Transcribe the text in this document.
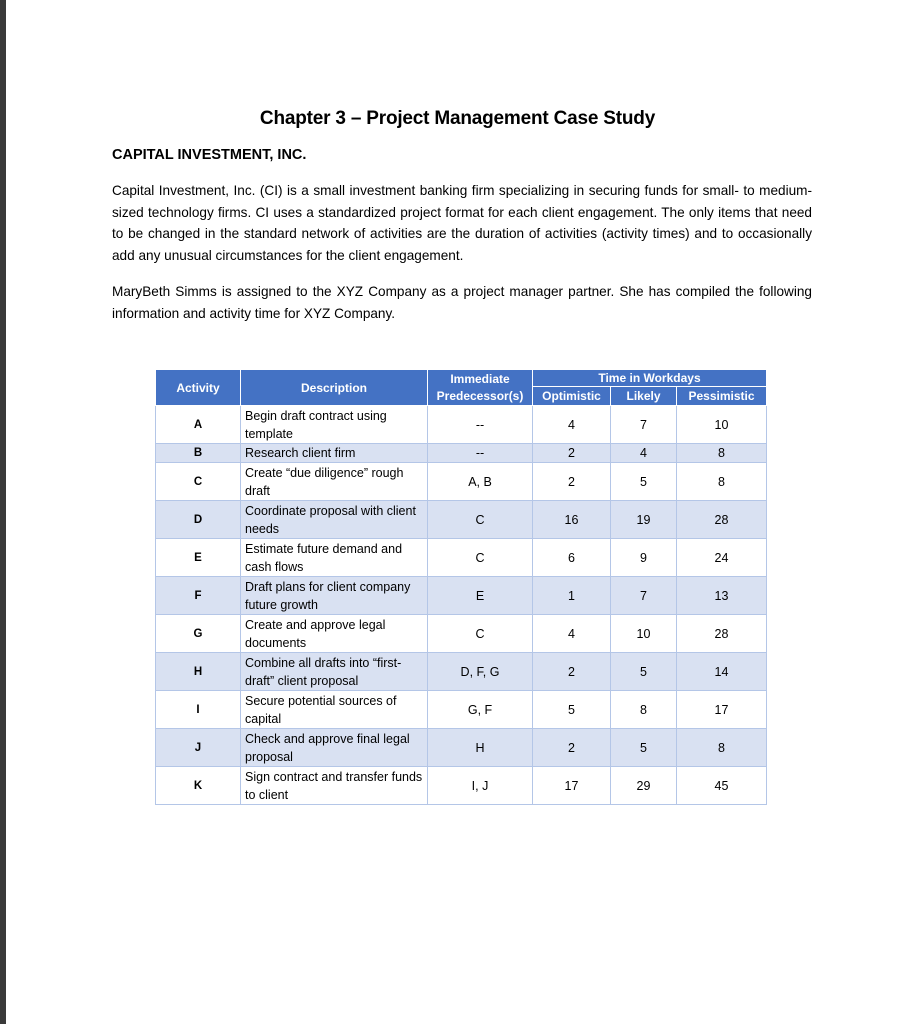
Chapter 3 – Project Management Case Study
CAPITAL INVESTMENT, INC.
Capital Investment, Inc. (CI) is a small investment banking firm specializing in securing funds for small- to medium-sized technology firms. CI uses a standardized project format for each client engagement. The only items that need to be changed in the standard network of activities are the duration of activities (activity times) and to occasionally add any unusual circumstances for the client engagement.
MaryBeth Simms is assigned to the XYZ Company as a project manager partner. She has compiled the following information and activity time for XYZ Company.
Activity	Description	Immediate Predecessor(s)	Time in Workdays		
			Optimistic	Likely	Pessimistic
A	Begin draft contract using template	--	4	7	10
B	Research client firm	--	2	4	8
C	Create “due diligence” rough draft	A, B	2	5	8
D	Coordinate proposal with client needs	C	16	19	28
E	Estimate future demand and cash flows	C	6	9	24
F	Draft plans for client company future growth	E	1	7	13
G	Create and approve legal documents	C	4	10	28
H	Combine all drafts into “first-draft” client proposal	D, F, G	2	5	14
I	Secure potential sources of capital	G, F	5	8	17
J	Check and approve final legal proposal	H	2	5	8
K	Sign contract and transfer funds to client	I, J	17	29	45
